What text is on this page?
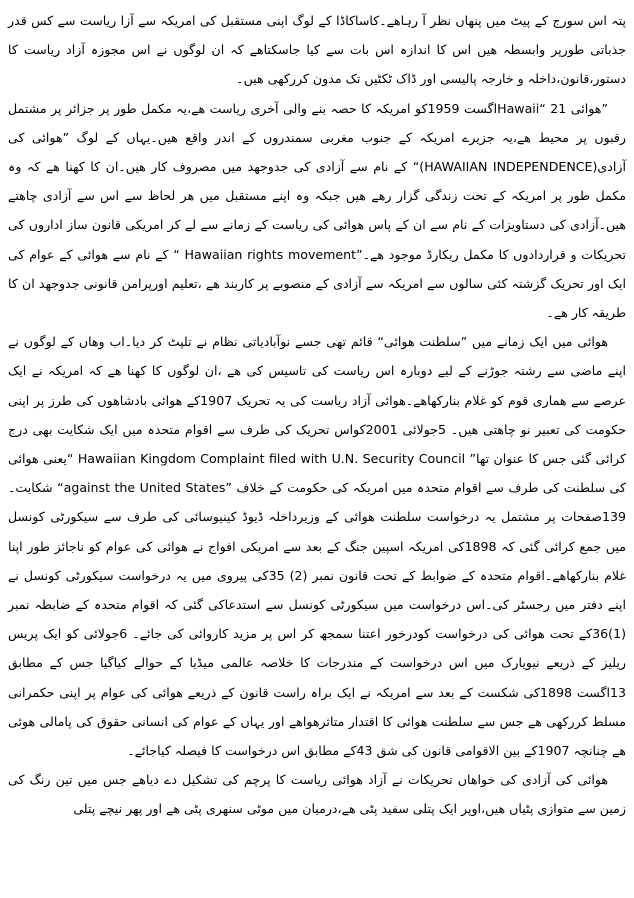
پتہ اس سورج کے پیٹ میں پنھاں نظر آ رہاھے۔کاساکاڈا کے لوگ اپنی مستقبل کی امریکہ سے آزا ریاست سے کس قدر جذباتی طورپر وابسطہ ھیں اس کا اندازہ اس بات سے کیا جاسکتاھے کہ ان لوگوں نے اس مجوزہ آزاد ریاست کا دستور،قانون،داخلہ و خارجہ پالیسی اور ڈاک ٹکٹیں تک مدون کررکھی ھیں۔

”ھوائی Hawaii“ 21اگست 1959کو امریکہ کا حصہ بنے والی آخری ریاست ھے،یہ مکمل طور پر جزائر پر مشتمل رقبوں پر محیط ھے،یہ جزیرے امریکہ کے جنوب مغربی سمندروں کے اندر واقع ھیں۔یہاں کے لوگ ”ھوائی کی آزادی(HAWAIIAN INDEPENDENCE)“ کے نام سے آزادی کی جدوجھد میں مصروف کار ھیں۔ان کا کھنا ھے کہ وہ مکمل طور پر امریکہ کے تحت زندگی گزار رھے ھیں جبکہ وہ اپنے مستقبل میں ھر لحاظ سے اس سے آزادی چاھتے ھیں۔آزادی کی دستاویزات کے نام سے ان کے پاس ھوائی کی ریاست کے زمانے سے لے کر امریکی قانون ساز اداروں کی تحریکات و قراردادوں کا مکمل ریکارڈ موجود ھے۔”Hawaiian rights movement “ کے نام سے ھوائی کے عوام کی ایک اور تحریک گزشتہ کئی سالوں سے امریکہ سے آزادی کے منصوبے پر کاربند ھے ،تعلیم اورپرامن قانونی جدوجھد ان کا طریقہ کار ھے۔

ھوائی میں ایک زمانے میں ”سلطنت ھوائی“ قائم تھی جسے نوآبادیاتی نظام نے تلپٹ کر دیا۔اب وھاں کے لوگوں نے اپنے ماضی سے رشتہ جوڑنے کے لیے دوبارہ اس ریاست کی تاسیس کی ھے ،ان لوگوں کا کھنا ھے کہ امریکہ نے ایک عرصے سے ھماری قوم کو غلام بنارکھاھے۔ھوائی آزاد ریاست کی یہ تحریک 1907کے ھوائی بادشاھوں کی طرز پر اپنی حکومت کی تعبیر نو چاھتی ھیں۔ 5جولائی 2001کواس تحریک کی طرف سے اقوام متحدہ میں ایک شکایت بھی درج کرائی گئی جس کا عنوان تھا” Hawaiian Kingdom Complaint filed with U.N. Security Council “یعنی ھوائی کی سلطنت کی طرف سے اقوام متحدہ میں امریکہ کی حکومت کے خلاف ”against the United States“ شکایت۔139صفحات پر مشتمل یہ درخواست سلطنت ھوائی کے وزیرداخلہ ڈیوڈ کینیوسائی کی طرف سے سیکورٹی کونسل میں جمع کرائی گئی کہ 1898کی امریکہ اسپین جنگ کے بعد سے امریکی افواج نے ھوائی کی عوام کو ناجائز طور اپنا غلام بنارکھاھے۔اقوام متحدہ کے ضوابط کے تحت قانون نمبر (2) 35کی پیروی میں یہ درخواست سیکورٹی کونسل نے اپنے دفتر میں رجسٹر کی۔اس درخواست میں سیکورٹی کونسل سے استدعاکی گئی کہ اقوام متحدہ کے ضابطہ نمبر (1)36کے تحت ھوائی کی درخواست کودرخور اعتنا سمجھ کر اس پر مزید کاروائی کی جائے۔ 6جولائی کو ایک پریس ریلیز کے ذریعے نیویارک میں اس درخواست کے مندرجات کا خلاصہ عالمی میڈیا کے حوالے کیاگیا جس کے مطابق 13اگست 1898کی شکست کے بعد سے امریکہ نے ایک براہ راست قانون کے ذریعے ھوائی کی عوام پر اپنی حکمرانی مسلط کررکھی ھے جس سے سلطنت ھوائی کا اقتدار متاثرھواھے اور یہاں کے عوام کی انسانی حقوق کی پامالی ھوئی ھے چنانچہ 1907کے بین الاقوامی قانون کی شق 43کے مطابق اس درخواست کا فیصلہ کیاجائے۔

ھوائی کی آزادی کی خواھاں تحریکات نے آزاد ھوائی ریاست کا پرچم کی تشکیل دے دیاھے جس میں تین رنگ کی زمین سے متوازی پٹیاں ھیں،اوپر ایک پتلی سفید پٹی ھے،درمیان میں موٹی سنھری پٹی ھے اور پھر نیچے پتلی
